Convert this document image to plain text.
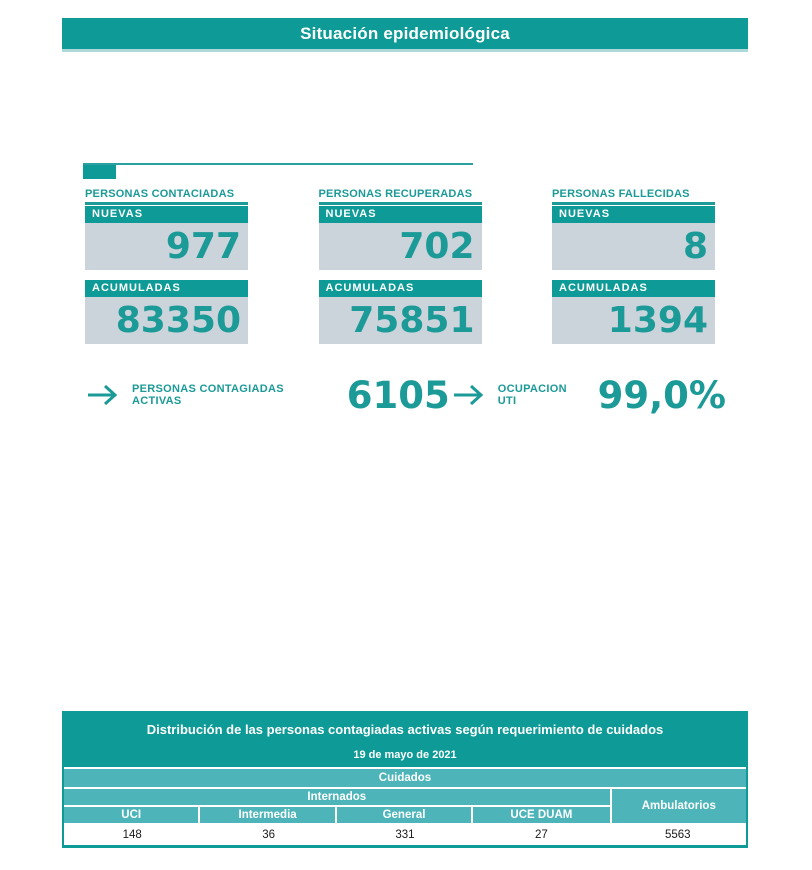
Situación epidemiológica
PERSONAS CONTACIADAS
NUEVAS
977
ACUMULADAS
83350
PERSONAS RECUPERADAS
NUEVAS
702
ACUMULADAS
75851
PERSONAS FALLECIDAS
NUEVAS
8
ACUMULADAS
1394
PERSONAS CONTAGIADAS ACTIVAS	6105	OCUPACION UTI	99,0%
Distribución de las personas contagiadas activas según requerimiento de cuidados
19 de mayo de 2021
Cuidados
Internados
Ambulatorios
UCI	Intermedia	General	UCE DUAM
148	36	331	27	5563
